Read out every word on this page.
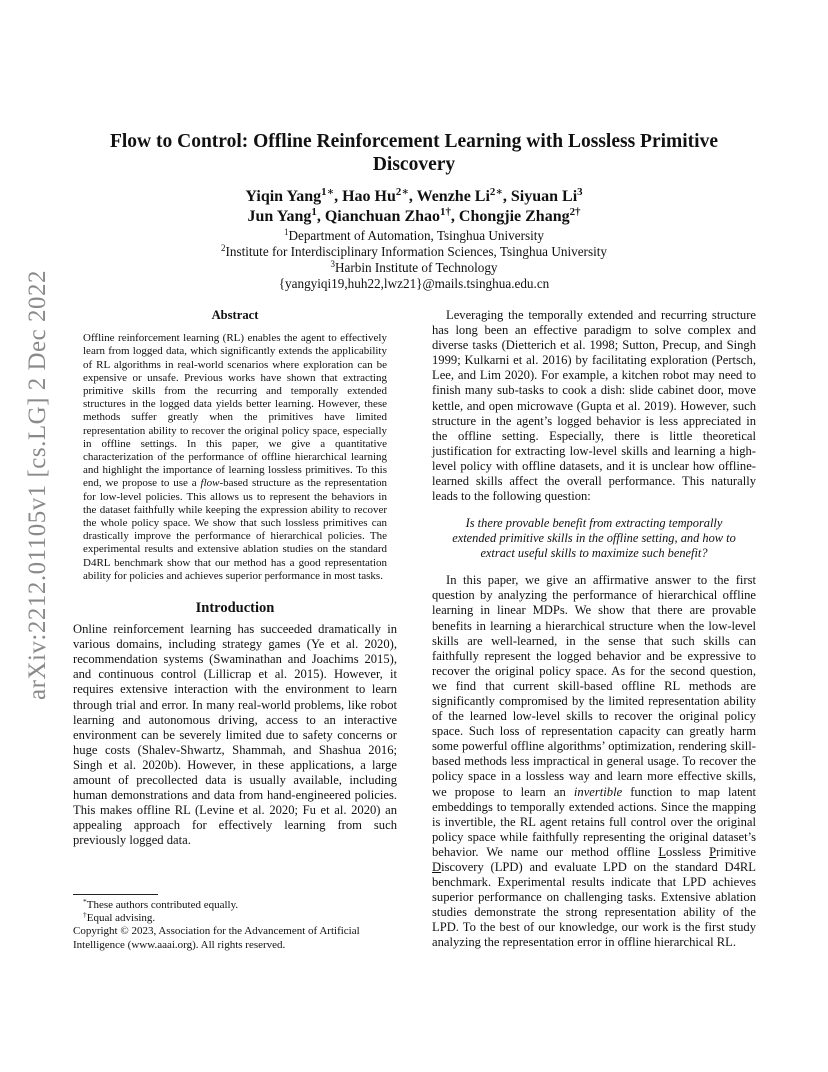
arXiv:2212.01105v1 [cs.LG] 2 Dec 2022
Flow to Control: Offline Reinforcement Learning with Lossless Primitive Discovery
Yiqin Yang$^{1∗}$, Hao $Hu^{2∗}$, Wenzhe $Li^{2∗}$, Siyuan Li$^3$
Jun Yang$^1$, Qianchuan Zhao$^{1\dagger}$, Chongjie Zhang$^{2\dagger}$
$^1$Department of Automation, Tsinghua University
$^2$Institute for Interdisciplinary Information Sciences, Tsinghua University
$^3$Harbin Institute of Technology
{yangyiqi19,huh22,lwz21}@mails.tsinghua.edu.cn
Abstract
Offline reinforcement learning (RL) enables the agent to effectively learn from logged data, which significantly extends the applicability of RL algorithms in real-world scenarios where exploration can be expensive or unsafe. Previous works have shown that extracting primitive skills from the recurring and temporally extended structures in the logged data yields better learning. However, these methods suffer greatly when the primitives have limited representation ability to recover the original policy space, especially in offline settings. In this paper, we give a quantitative characterization of the performance of offline hierarchical learning and highlight the importance of learning lossless primitives. To this end, we propose to use a flow-based structure as the representation for low-level policies. This allows us to represent the behaviors in the dataset faithfully while keeping the expression ability to recover the whole policy space. We show that such lossless primitives can drastically improve the performance of hierarchical policies. The experimental results and extensive ablation studies on the standard D4RL benchmark show that our method has a good representation ability for policies and achieves superior performance in most tasks.
Introduction

Online reinforcement learning has succeeded dramatically in various domains, including strategy games (Ye et al. 2020), recommendation systems (Swaminathan and Joachims 2015), and continuous control (Lillicrap et al. 2015). However, it requires extensive interaction with the environment to learn through trial and error. In many real-world problems, like robot learning and autonomous driving, access to an interactive environment can be severely limited due to safety concerns or huge costs (Shalev-Shwartz, Shammah, and Shashua 2016; Singh et al. 2020b). However, in these applications, a large amount of precollected data is usually available, including human demonstrations and data from hand-engineered policies. This makes offline RL (Levine et al. 2020; Fu et al. 2020) an appealing approach for effectively learning from such previously logged data.

*These authors contributed equally.
†Equal advising.
Copyright © 2023, Association for the Advancement of Artificial Intelligence (www.aaai.org). All rights reserved.

Leveraging the temporally extended and recurring structure has long been an effective paradigm to solve complex and diverse tasks (Dietterich et al. 1998; Sutton, Precup, and Singh 1999; Kulkarni et al. 2016) by facilitating exploration (Pertsch, Lee, and Lim 2020). For example, a kitchen robot may need to finish many sub-tasks to cook a dish: slide cabinet door, move kettle, and open microwave (Gupta et al. 2019). However, such structure in the agent’s logged behavior is less appreciated in the offline setting. Especially, there is little theoretical justification for extracting low-level skills and learning a high-level policy with offline datasets, and it is unclear how offline-learned skills affect the overall performance. This naturally leads to the following question:

Is there provable benefit from extracting temporally extended primitive skills in the offline setting, and how to extract useful skills to maximize such benefit?

In this paper, we give an affirmative answer to the first question by analyzing the performance of hierarchical offline learning in linear MDPs. We show that there are provable benefits in learning a hierarchical structure when the low-level skills are well-learned, in the sense that such skills can faithfully represent the logged behavior and be expressive to recover the original policy space. As for the second question, we find that current skill-based offline RL methods are significantly compromised by the limited representation ability of the learned low-level skills to recover the original policy space. Such loss of representation capacity can greatly harm some powerful offline algorithms’ optimization, rendering skill-based methods less impractical in general usage. To recover the policy space in a lossless way and learn more effective skills, we propose to learn an invertible function to map latent embeddings to temporally extended actions. Since the mapping is invertible, the RL agent retains full control over the original policy space while faithfully representing the original dataset’s behavior. We name our method offline Lossless Primitive Discovery (LPD) and evaluate LPD on the standard D4RL benchmark. Experimental results indicate that LPD achieves superior performance on challenging tasks. Extensive ablation studies demonstrate the strong representation ability of the LPD. To the best of our knowledge, our work is the first study analyzing the representation error in offline hierarchical RL.
